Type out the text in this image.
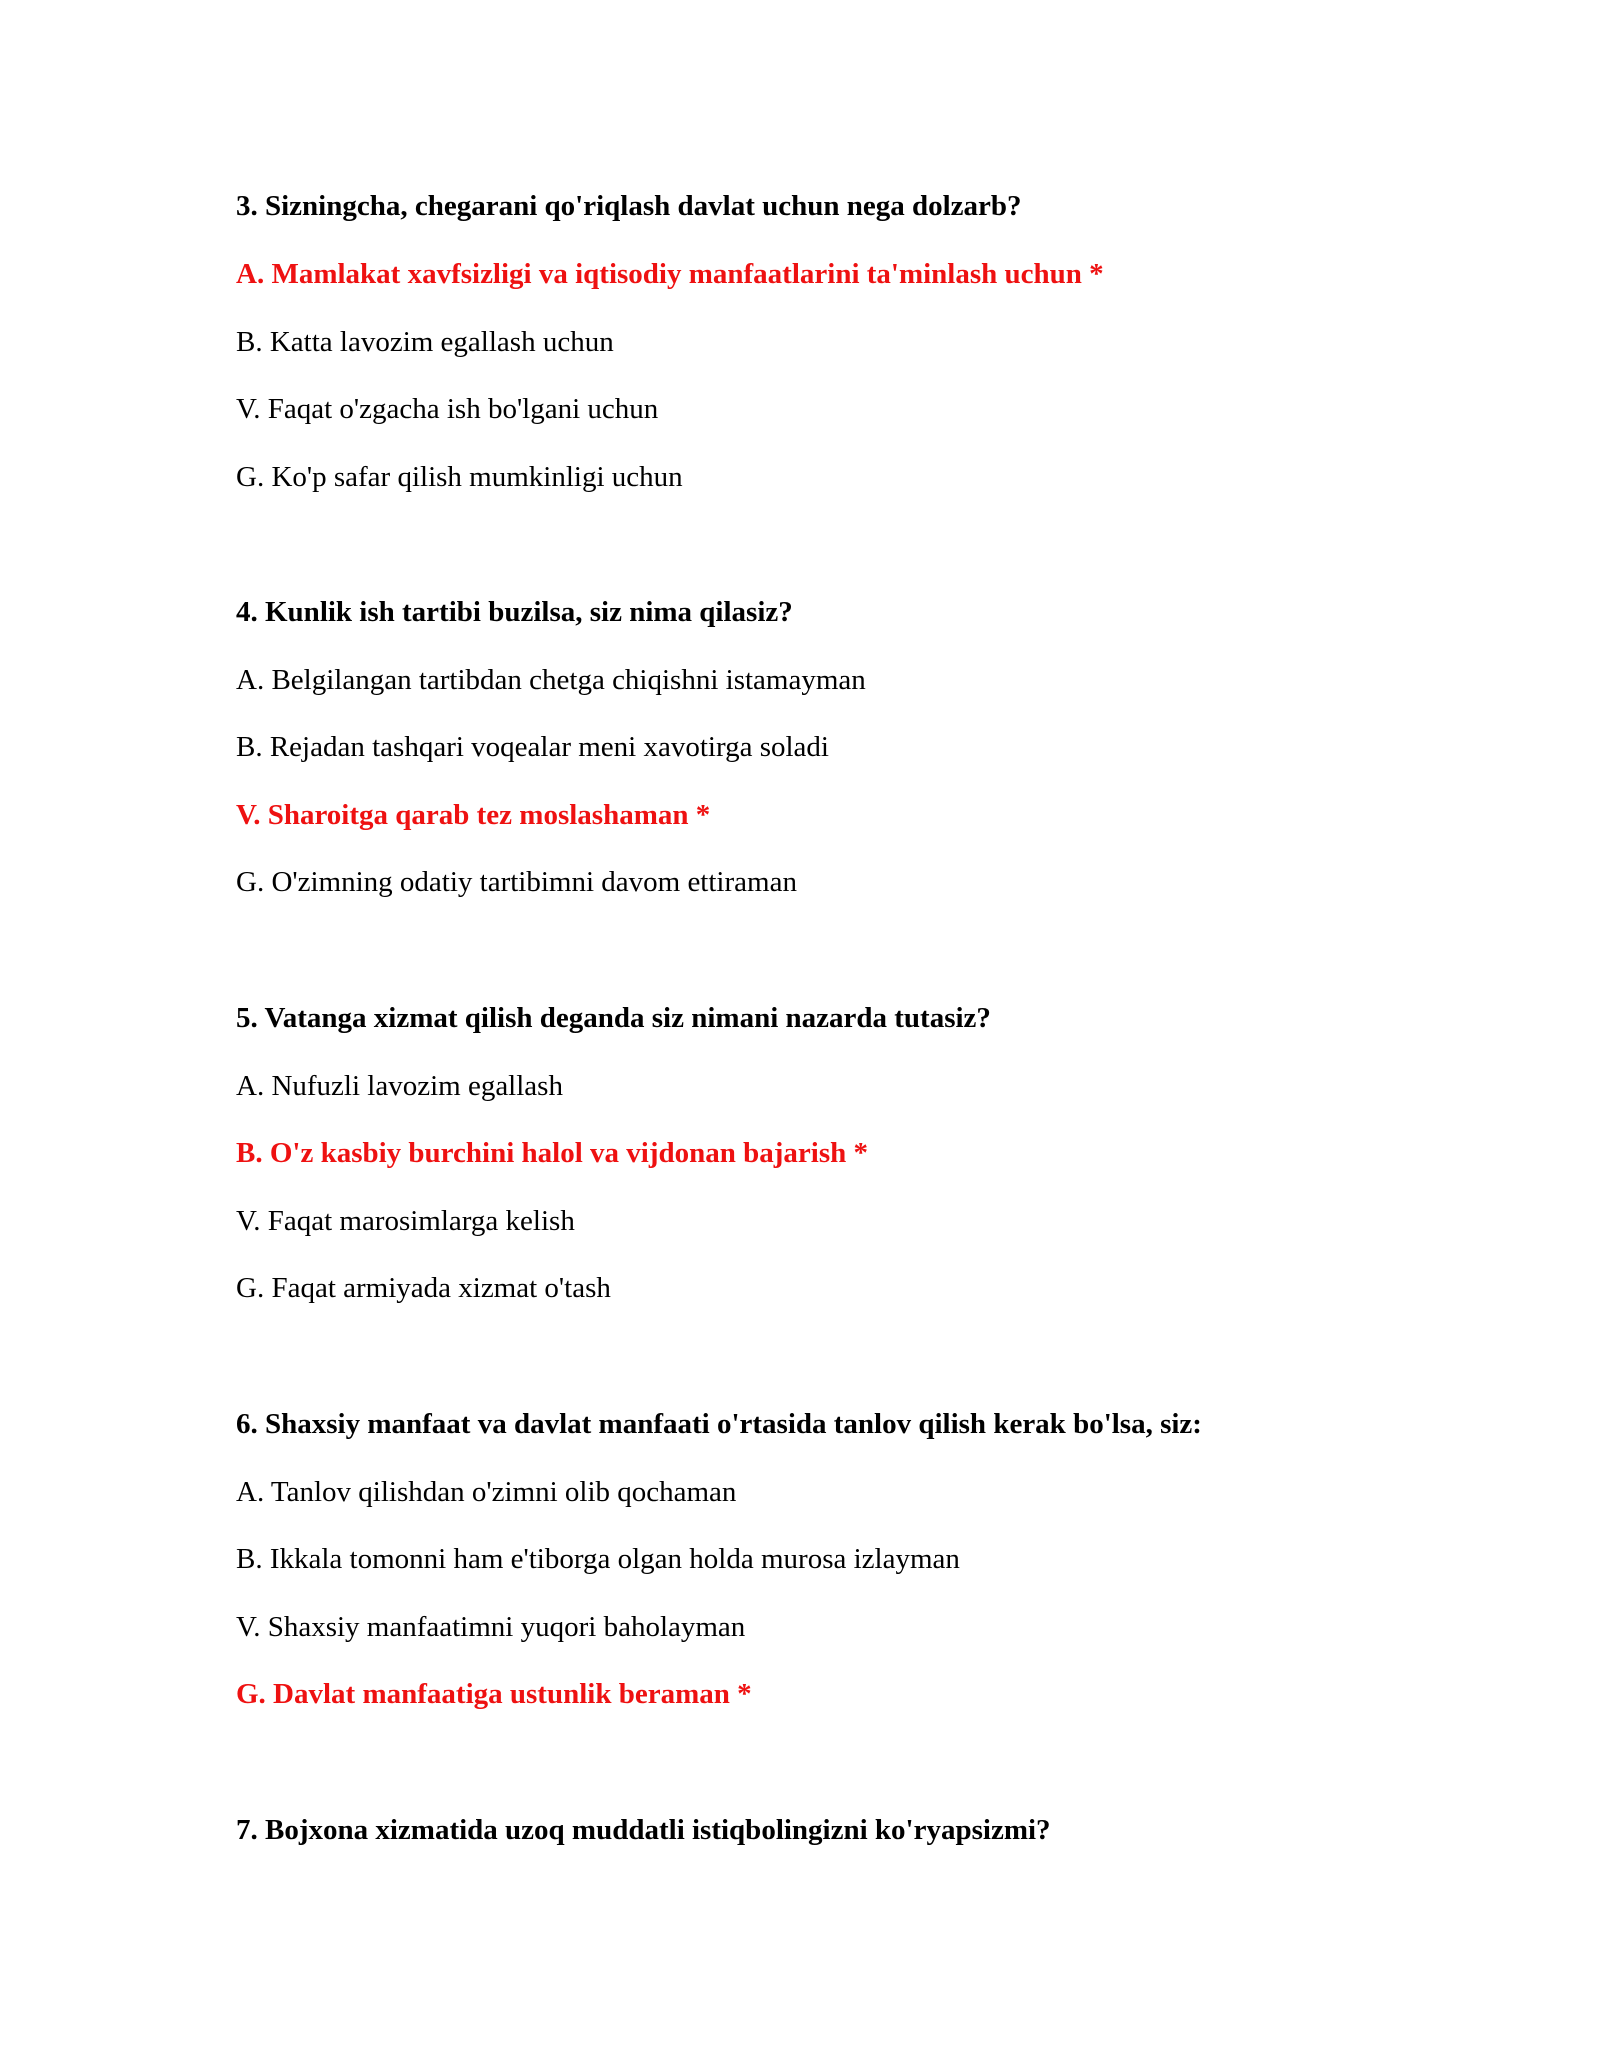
3. Sizningcha, chegarani qo'riqlash davlat uchun nega dolzarb?
A. Mamlakat xavfsizligi va iqtisodiy manfaatlarini ta'minlash uchun *
B. Katta lavozim egallash uchun
V. Faqat o'zgacha ish bo'lgani uchun
G. Ko'p safar qilish mumkinligi uchun
4. Kunlik ish tartibi buzilsa, siz nima qilasiz?
A. Belgilangan tartibdan chetga chiqishni istamayman
B. Rejadan tashqari voqealar meni xavotirga soladi
V. Sharoitga qarab tez moslashaman *
G. O'zimning odatiy tartibimni davom ettiraman
5. Vatanga xizmat qilish deganda siz nimani nazarda tutasiz?
A. Nufuzli lavozim egallash
B. O'z kasbiy burchini halol va vijdonan bajarish *
V. Faqat marosimlarga kelish
G. Faqat armiyada xizmat o'tash
6. Shaxsiy manfaat va davlat manfaati o'rtasida tanlov qilish kerak bo'lsa, siz:
A. Tanlov qilishdan o'zimni olib qochaman
B. Ikkala tomonni ham e'tiborga olgan holda murosa izlayman
V. Shaxsiy manfaatimni yuqori baholayman
G. Davlat manfaatiga ustunlik beraman *
7. Bojxona xizmatida uzoq muddatli istiqbolingizni ko'ryapsizmi?
